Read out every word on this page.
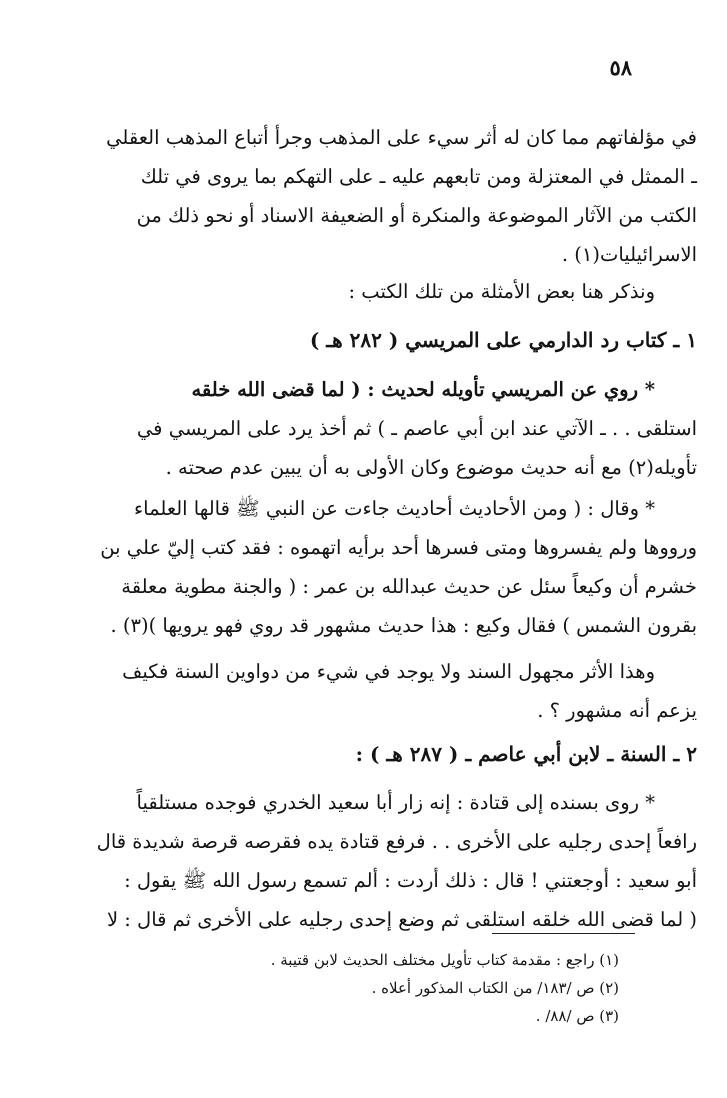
٥٨

في مؤلفاتهم مما كان له أثر سيء على المذهب وجرأ أتباع المذهب العقلي

ـ الممثل في المعتزلة ومن تابعهم عليه ـ على التهكم بما يروى في تلك

الكتب من الآثار الموضوعة والمنكرة أو الضعيفة الاسناد أو نحو ذلك من

الاسرائيليات(١) .

ونذكر هنا بعض الأمثلة من تلك الكتب :

١ ـ كتاب رد الدارمي على المريسي ( ٢٨٢ هـ )

* روي عن المريسي تأويله لحديث : ( لما قضى الله خلقه

استلقى . . ـ الآتي عند ابن أبي عاصم ـ ) ثم أخذ يرد على المريسي في

تأويله(٢) مع أنه حديث موضوع وكان الأولى به أن يبين عدم صحته .

* وقال : ( ومن الأحاديث أحاديث جاءت عن النبي ﷺ قالها العلماء

ورووها ولم يفسروها ومتى فسرها أحد برأيه اتهموه : فقد كتب إليّ علي بن

خشرم أن وكيعاً سئل عن حديث عبدالله بن عمر : ( والجنة مطوية معلقة

بقرون الشمس ) فقال وكيع : هذا حديث مشهور قد روي فهو يرويها )(٣) .

وهذا الأثر مجهول السند ولا يوجد في شيء من دواوين السنة فكيف

يزعم أنه مشهور ؟ .

٢ ـ السنة ـ لابن أبي عاصم ـ ( ٢٨٧ هـ ) :

* روى بسنده إلى قتادة : إنه زار أبا سعيد الخدري فوجده مستلقياً

رافعاً إحدى رجليه على الأخرى . . فرفع قتادة يده فقرصه قرصة شديدة قال

أبو سعيد : أوجعتني ! قال : ذلك أردت : ألم تسمع رسول الله ﷺ يقول :

( لما قضى الله خلقه استلقى ثم وضع إحدى رجليه على الأخرى ثم قال : لا

(١) راجع : مقدمة كتاب تأويل مختلف الحديث لابن قتيبة .

(٢) ص /١٨٣/ من الكتاب المذكور أعلاه .

(٣) ص /٨٨/ .
